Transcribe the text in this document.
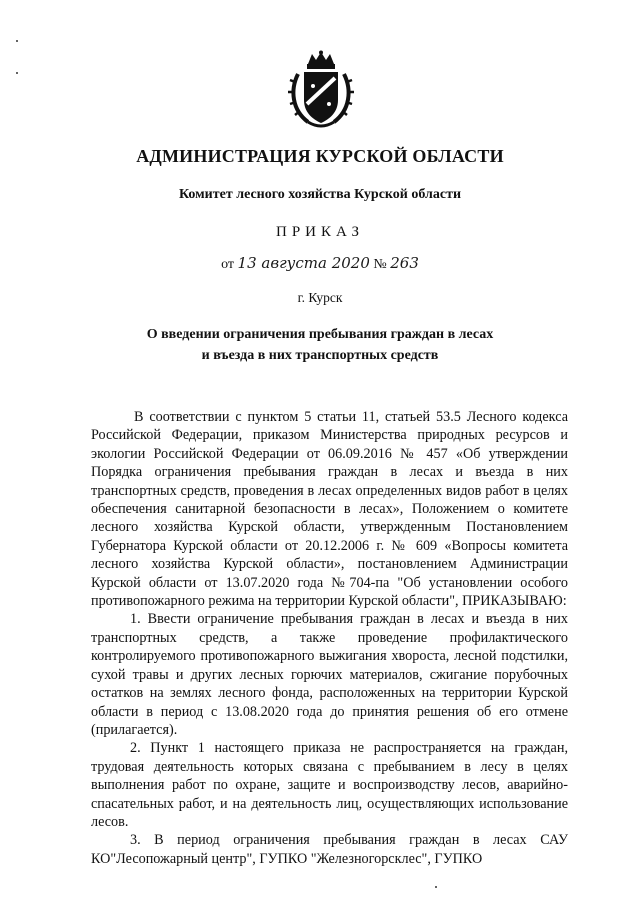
АДМИНИСТРАЦИЯ КУРСКОЙ ОБЛАСТИ
Комитет лесного хозяйства Курской области
ПРИКАЗ
от 13 августа 2020 № 263
г. Курск
О введении ограничения пребывания граждан в лесах
и въезда в них транспортных средств

В соответствии с пунктом 5 статьи 11, статьей 53.5 Лесного кодекса Российской Федерации, приказом Министерства природных ресурсов и экологии Российской Федерации от 06.09.2016 № 457 «Об утверждении Порядка ограничения пребывания граждан в лесах и въезда в них транспортных средств, проведения в лесах определенных видов работ в целях обеспечения санитарной безопасности в лесах», Положением о комитете лесного хозяйства Курской области, утвержденным Постановлением Губернатора Курской области от 20.12.2006 г. № 609 «Вопросы комитета лесного хозяйства Курской области», постановлением Администрации Курской области от 13.07.2020 года №704-па "Об установлении особого противопожарного режима на территории Курской области", ПРИКАЗЫВАЮ:

1. Ввести ограничение пребывания граждан в лесах и въезда в них транспортных средств, а также проведение профилактического контролируемого противопожарного выжигания хвороста, лесной подстилки, сухой травы и других лесных горючих материалов, сжигание порубочных остатков на землях лесного фонда, расположенных на территории Курской области в период с 13.08.2020 года до принятия решения об его отмене (прилагается).

2. Пункт 1 настоящего приказа не распространяется на граждан, трудовая деятельность которых связана с пребыванием в лесу в целях выполнения работ по охране, защите и воспроизводству лесов, аварийно-спасательных работ, и на деятельность лиц, осуществляющих использование лесов.

3. В период ограничения пребывания граждан в лесах САУ КО"Лесопожарный центр", ГУПКО "Железногорсклес", ГУПКО
